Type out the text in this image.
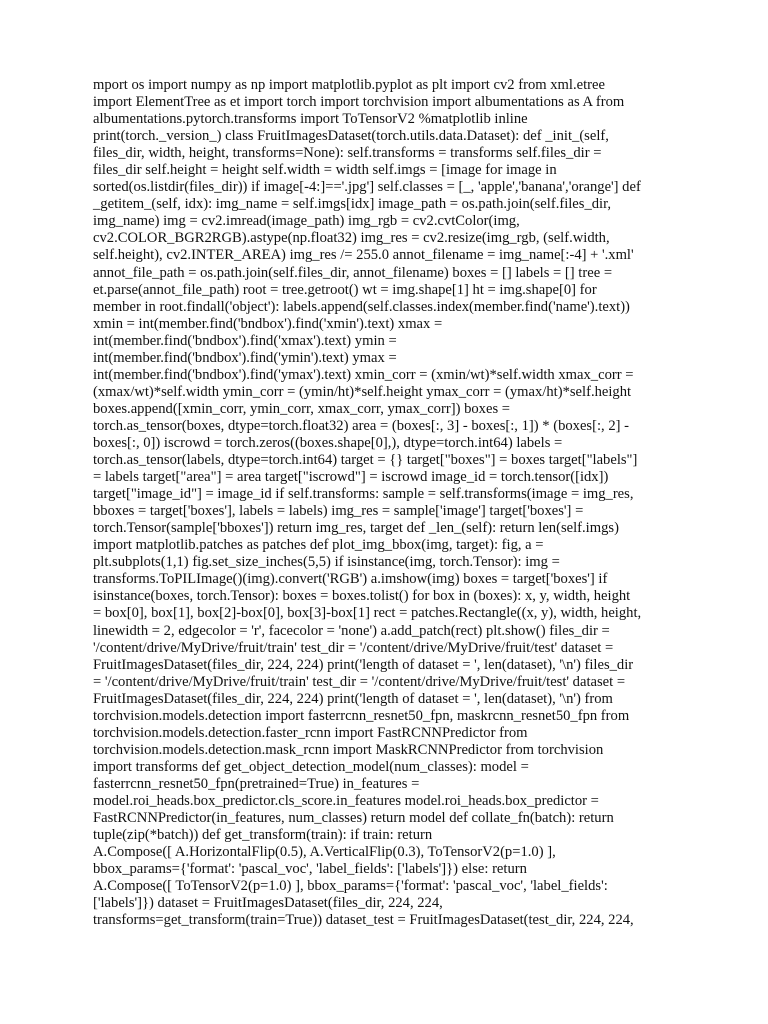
mport os import numpy as np import matplotlib.pyplot as plt import cv2 from xml.etree
import ElementTree as et import torch import torchvision import albumentations as A from
albumentations.pytorch.transforms import ToTensorV2 %matplotlib inline
print(torch._version_) class FruitImagesDataset(torch.utils.data.Dataset): def _init_(self,
files_dir, width, height, transforms=None): self.transforms = transforms self.files_dir =
files_dir self.height = height self.width = width self.imgs = [image for image in
sorted(os.listdir(files_dir)) if image[-4:]=='.jpg'] self.classes = [_, 'apple','banana','orange'] def
_getitem_(self, idx): img_name = self.imgs[idx] image_path = os.path.join(self.files_dir,
img_name) img = cv2.imread(image_path) img_rgb = cv2.cvtColor(img,
cv2.COLOR_BGR2RGB).astype(np.float32) img_res = cv2.resize(img_rgb, (self.width,
self.height), cv2.INTER_AREA) img_res /= 255.0 annot_filename = img_name[:-4] + '.xml'
annot_file_path = os.path.join(self.files_dir, annot_filename) boxes = [] labels = [] tree =
et.parse(annot_file_path) root = tree.getroot() wt = img.shape[1] ht = img.shape[0] for
member in root.findall('object'): labels.append(self.classes.index(member.find('name').text))
xmin = int(member.find('bndbox').find('xmin').text) xmax =
int(member.find('bndbox').find('xmax').text) ymin =
int(member.find('bndbox').find('ymin').text) ymax =
int(member.find('bndbox').find('ymax').text) xmin_corr = (xmin/wt)*self.width xmax_corr =
(xmax/wt)*self.width ymin_corr = (ymin/ht)*self.height ymax_corr = (ymax/ht)*self.height
boxes.append([xmin_corr, ymin_corr, xmax_corr, ymax_corr]) boxes =
torch.as_tensor(boxes, dtype=torch.float32) area = (boxes[:, 3] - boxes[:, 1]) * (boxes[:, 2] -
boxes[:, 0]) iscrowd = torch.zeros((boxes.shape[0],), dtype=torch.int64) labels =
torch.as_tensor(labels, dtype=torch.int64) target = {} target["boxes"] = boxes target["labels"]
= labels target["area"] = area target["iscrowd"] = iscrowd image_id = torch.tensor([idx])
target["image_id"] = image_id if self.transforms: sample = self.transforms(image = img_res,
bboxes = target['boxes'], labels = labels) img_res = sample['image'] target['boxes'] =
torch.Tensor(sample['bboxes']) return img_res, target def _len_(self): return len(self.imgs)
import matplotlib.patches as patches def plot_img_bbox(img, target): fig, a =
plt.subplots(1,1) fig.set_size_inches(5,5) if isinstance(img, torch.Tensor): img =
transforms.ToPILImage()(img).convert('RGB') a.imshow(img) boxes = target['boxes'] if
isinstance(boxes, torch.Tensor): boxes = boxes.tolist() for box in (boxes): x, y, width, height
= box[0], box[1], box[2]-box[0], box[3]-box[1] rect = patches.Rectangle((x, y), width, height,
linewidth = 2, edgecolor = 'r', facecolor = 'none') a.add_patch(rect) plt.show() files_dir =
'/content/drive/MyDrive/fruit/train' test_dir = '/content/drive/MyDrive/fruit/test' dataset =
FruitImagesDataset(files_dir, 224, 224) print('length of dataset = ', len(dataset), '\n') files_dir
= '/content/drive/MyDrive/fruit/train' test_dir = '/content/drive/MyDrive/fruit/test' dataset =
FruitImagesDataset(files_dir, 224, 224) print('length of dataset = ', len(dataset), '\n') from
torchvision.models.detection import fasterrcnn_resnet50_fpn, maskrcnn_resnet50_fpn from
torchvision.models.detection.faster_rcnn import FastRCNNPredictor from
torchvision.models.detection.mask_rcnn import MaskRCNNPredictor from torchvision
import transforms def get_object_detection_model(num_classes): model =
fasterrcnn_resnet50_fpn(pretrained=True) in_features =
model.roi_heads.box_predictor.cls_score.in_features model.roi_heads.box_predictor =
FastRCNNPredictor(in_features, num_classes) return model def collate_fn(batch): return
tuple(zip(*batch)) def get_transform(train): if train: return
A.Compose([ A.HorizontalFlip(0.5), A.VerticalFlip(0.3), ToTensorV2(p=1.0) ],
bbox_params={'format': 'pascal_voc', 'label_fields': ['labels']}) else: return
A.Compose([ ToTensorV2(p=1.0) ], bbox_params={'format': 'pascal_voc', 'label_fields':
['labels']}) dataset = FruitImagesDataset(files_dir, 224, 224,
transforms=get_transform(train=True)) dataset_test = FruitImagesDataset(test_dir, 224, 224,
